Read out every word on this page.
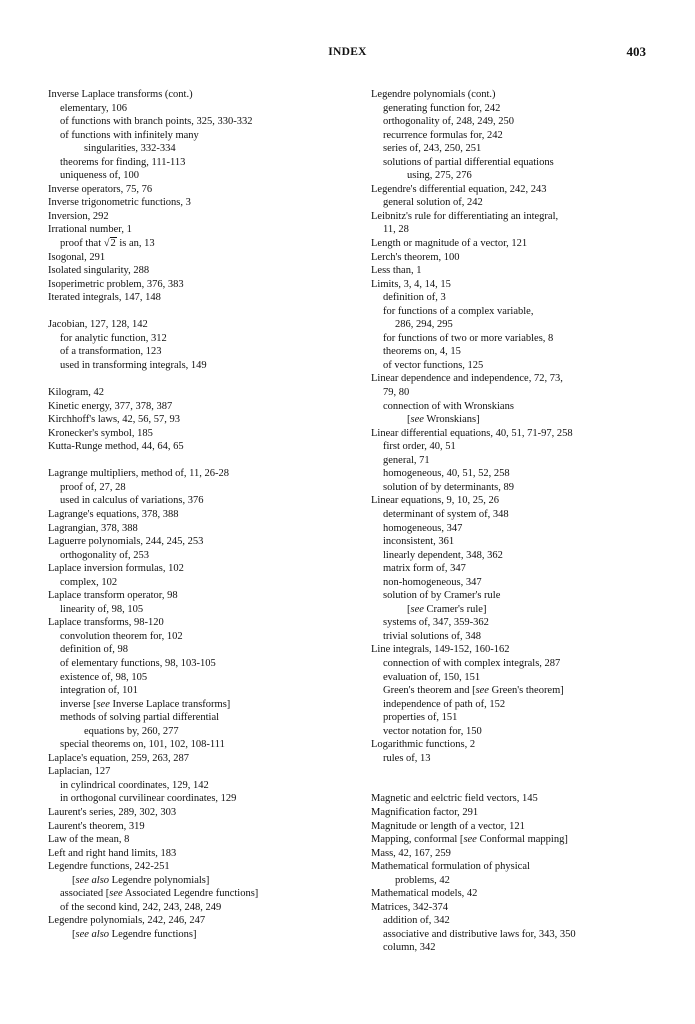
INDEX	403
Inverse Laplace transforms (cont.)
elementary, 106
of functions with branch points, 325, 330-332
of functions with infinitely many
singularities, 332-334
theorems for finding, 111-113
uniqueness of, 100
Inverse operators, 75, 76
Inverse trigonometric functions, 3
Inversion, 292
Irrational number, 1
proof that √2 is an, 13
Isogonal, 291
Isolated singularity, 288
Isoperimetric problem, 376, 383
Iterated integrals, 147, 148
Jacobian, 127, 128, 142
for analytic function, 312
of a transformation, 123
used in transforming integrals, 149
Kilogram, 42
Kinetic energy, 377, 378, 387
Kirchhoff's laws, 42, 56, 57, 93
Kronecker's symbol, 185
Kutta-Runge method, 44, 64, 65
Lagrange multipliers, method of, 11, 26-28
proof of, 27, 28
used in calculus of variations, 376
Lagrange's equations, 378, 388
Lagrangian, 378, 388
Laguerre polynomials, 244, 245, 253
orthogonality of, 253
Laplace inversion formulas, 102
complex, 102
Laplace transform operator, 98
linearity of, 98, 105
Laplace transforms, 98-120
convolution theorem for, 102
definition of, 98
of elementary functions, 98, 103-105
existence of, 98, 105
integration of, 101
inverse [see Inverse Laplace transforms]
methods of solving partial differential
equations by, 260, 277
special theorems on, 101, 102, 108-111
Laplace's equation, 259, 263, 287
Laplacian, 127
in cylindrical coordinates, 129, 142
in orthogonal curvilinear coordinates, 129
Laurent's series, 289, 302, 303
Laurent's theorem, 319
Law of the mean, 8
Left and right hand limits, 183
Legendre functions, 242-251
[see also Legendre polynomials]
associated [see Associated Legendre functions]
of the second kind, 242, 243, 248, 249
Legendre polynomials, 242, 246, 247
[see also Legendre functions]
Legendre polynomials (cont.)
generating function for, 242
orthogonality of, 248, 249, 250
recurrence formulas for, 242
series of, 243, 250, 251
solutions of partial differential equations
using, 275, 276
Legendre's differential equation, 242, 243
general solution of, 242
Leibnitz's rule for differentiating an integral,
11, 28
Length or magnitude of a vector, 121
Lerch's theorem, 100
Less than, 1
Limits, 3, 4, 14, 15
definition of, 3
for functions of a complex variable,
286, 294, 295
for functions of two or more variables, 8
theorems on, 4, 15
of vector functions, 125
Linear dependence and independence, 72, 73,
79, 80
connection of with Wronskians
[see Wronskians]
Linear differential equations, 40, 51, 71-97, 258
first order, 40, 51
general, 71
homogeneous, 40, 51, 52, 258
solution of by determinants, 89
Linear equations, 9, 10, 25, 26
determinant of system of, 348
homogeneous, 347
inconsistent, 361
linearly dependent, 348, 362
matrix form of, 347
non-homogeneous, 347
solution of by Cramer's rule
[see Cramer's rule]
systems of, 347, 359-362
trivial solutions of, 348
Line integrals, 149-152, 160-162
connection of with complex integrals, 287
evaluation of, 150, 151
Green's theorem and [see Green's theorem]
independence of path of, 152
properties of, 151
vector notation for, 150
Logarithmic functions, 2
rules of, 13
Magnetic and eelctric field vectors, 145
Magnification factor, 291
Magnitude or length of a vector, 121
Mapping, conformal [see Conformal mapping]
Mass, 42, 167, 259
Mathematical formulation of physical
problems, 42
Mathematical models, 42
Matrices, 342-374
addition of, 342
associative and distributive laws for, 343, 350
column, 342
